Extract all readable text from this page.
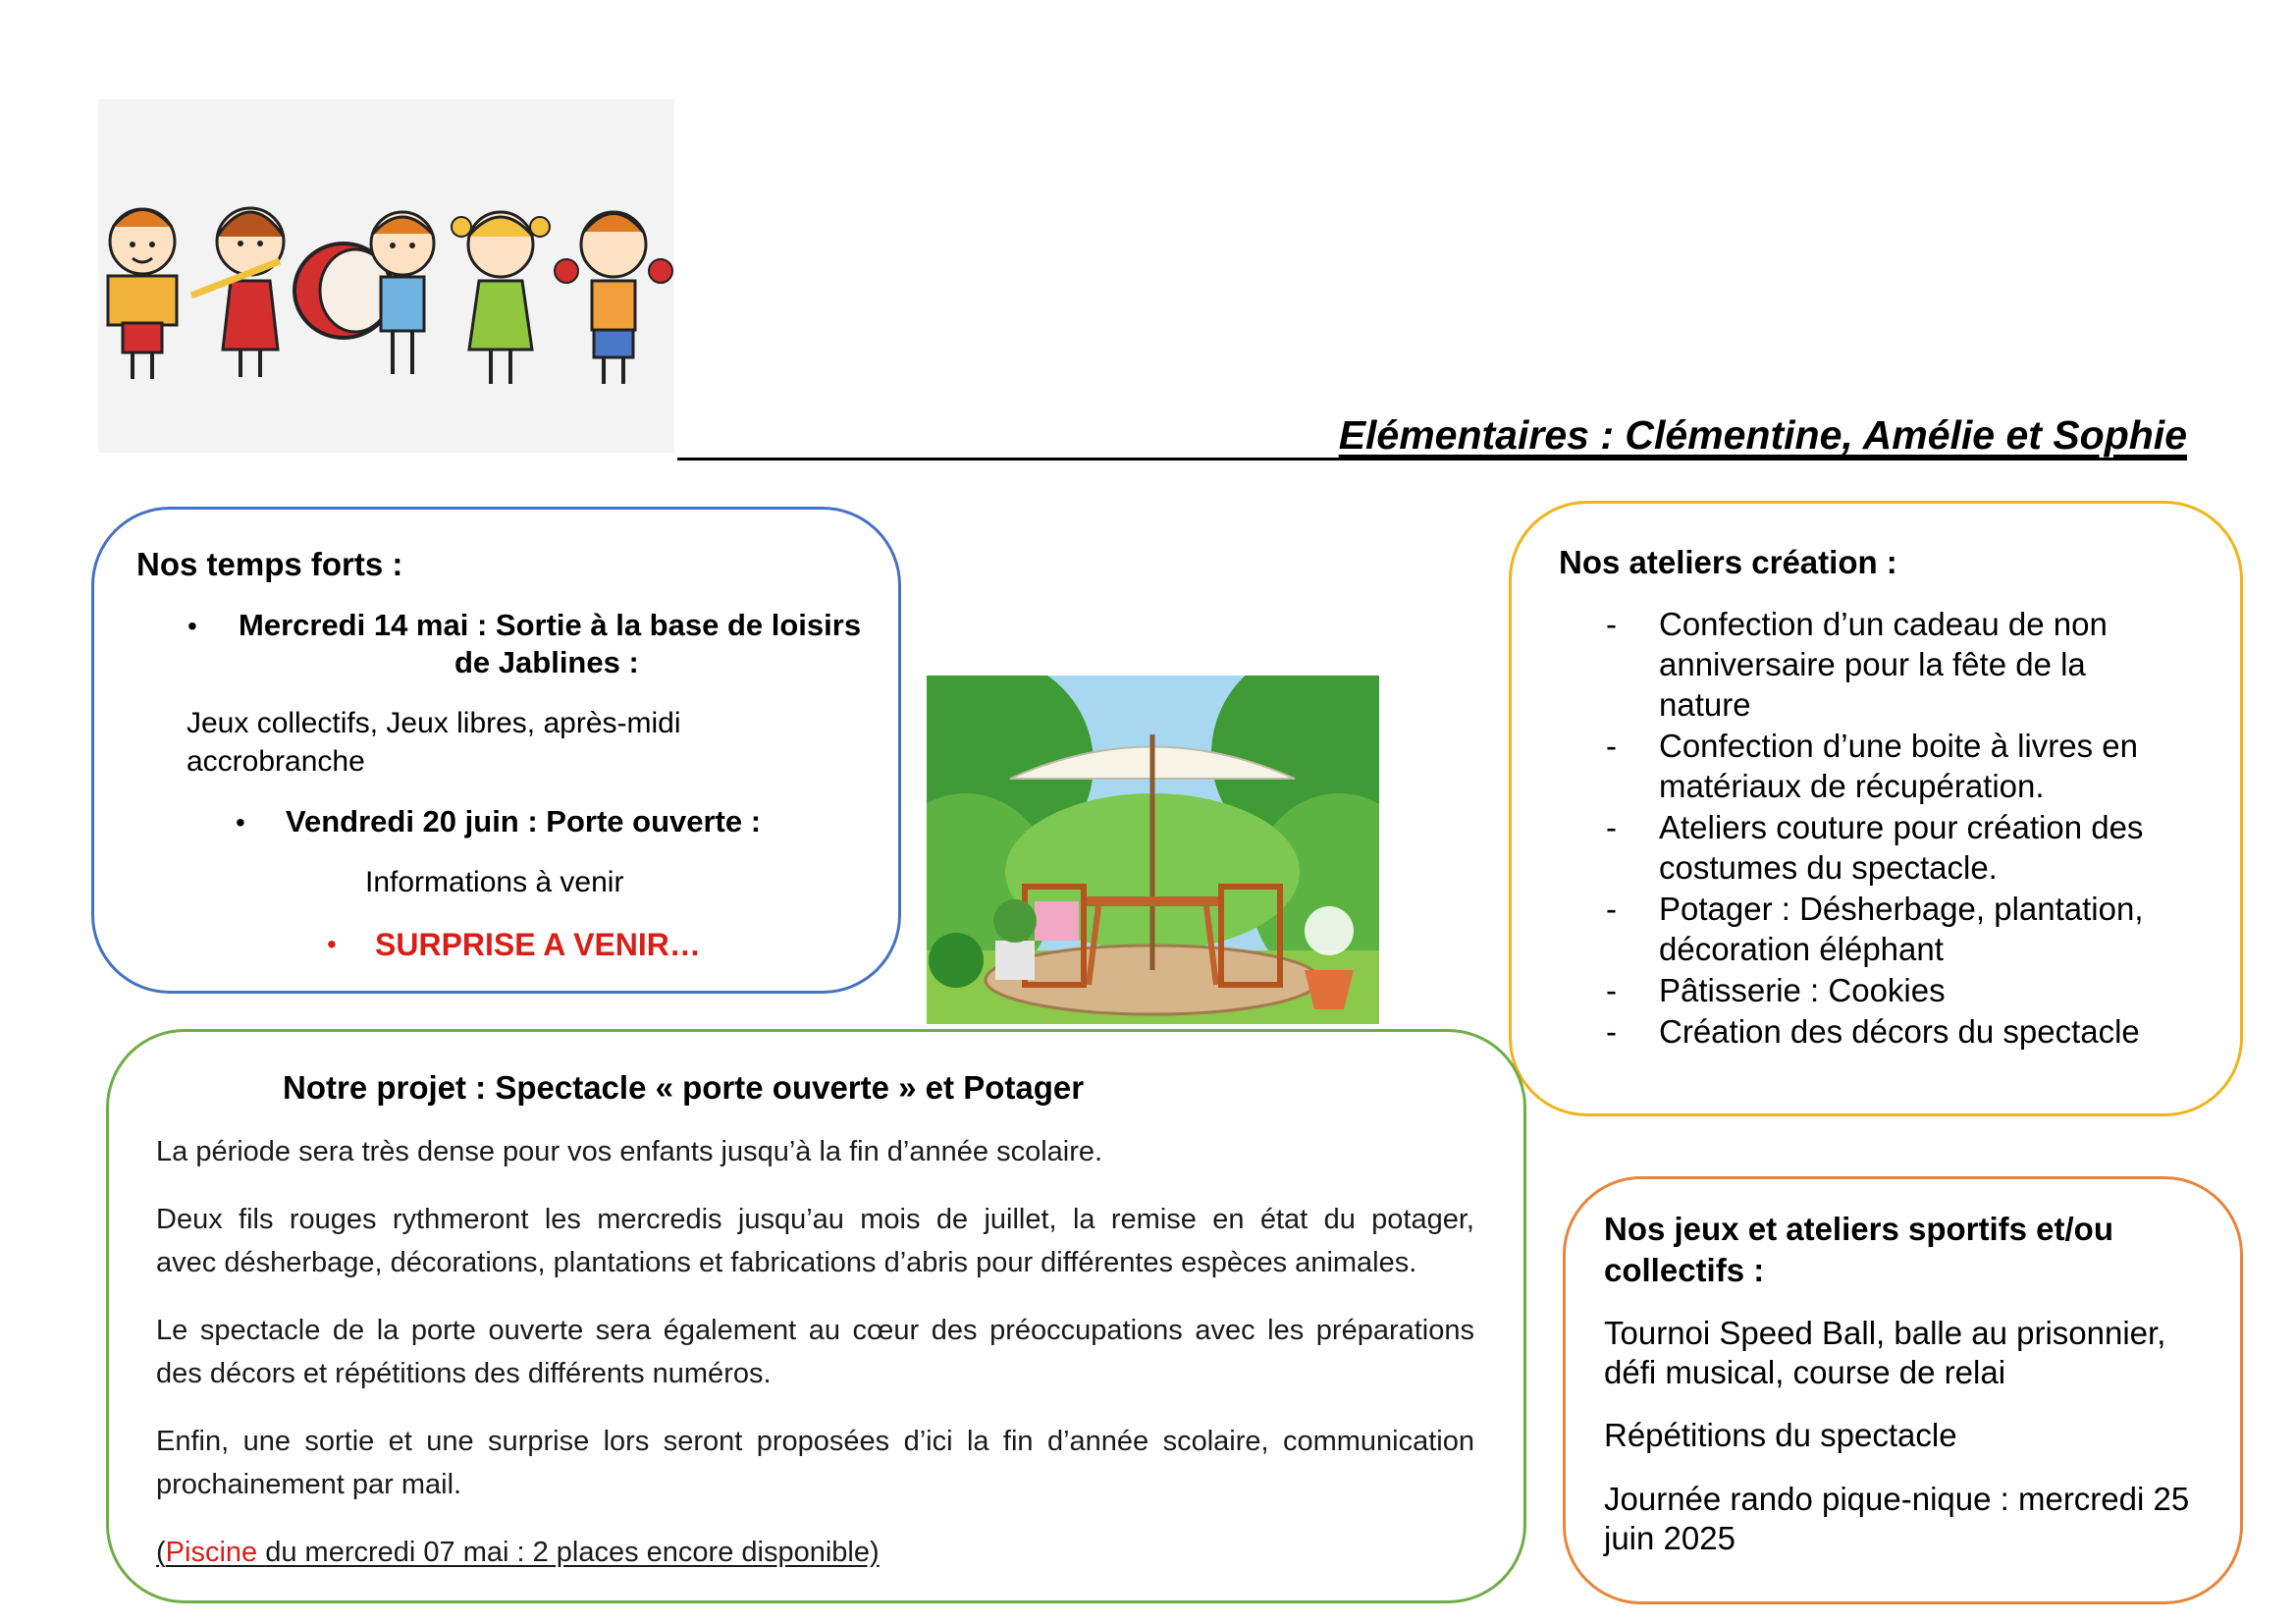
Elémentaires : Clémentine, Amélie et Sophie
Nos temps forts :
• Mercredi 14 mai : Sortie à la base de loisirs
de Jablines :
Jeux collectifs, Jeux libres, après-midi
accrobranche
• Vendredi 20 juin : Porte ouverte :
Informations à venir
• SURPRISE A VENIR…
Nos ateliers création :
- Confection d’un cadeau de non
anniversaire pour la fête de la
nature
- Confection d’une boite à livres en
matériaux de récupération.
- Ateliers couture pour création des
costumes du spectacle.
- Potager : Désherbage, plantation,
décoration éléphant
- Pâtisserie : Cookies
- Création des décors du spectacle
Notre projet : Spectacle « porte ouverte » et Potager
La période sera très dense pour vos enfants jusqu’à la fin d’année scolaire.
Deux fils rouges rythmeront les mercredis jusqu’au mois de juillet, la remise en état du potager,
avec désherbage, décorations, plantations et fabrications d’abris pour différentes espèces animales.
Le spectacle de la porte ouverte sera également au cœur des préoccupations avec les préparations
des décors et répétitions des différents numéros.
Enfin, une sortie et une surprise lors seront proposées d’ici la fin d’année scolaire, communication
prochainement par mail.
(Piscine du mercredi 07 mai : 2 places encore disponible)
Nos jeux et ateliers sportifs et/ou
collectifs :
Tournoi Speed Ball, balle au prisonnier,
défi musical, course de relai
Répétitions du spectacle
Journée rando pique-nique : mercredi 25
juin 2025
